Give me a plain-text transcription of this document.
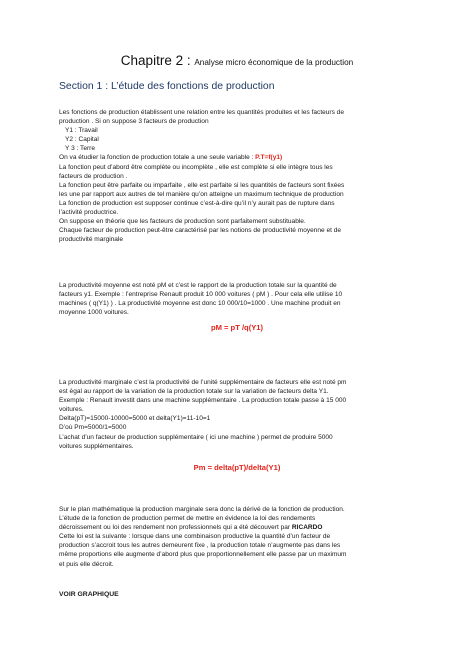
Chapitre 2 : Analyse micro économique de la production
Section 1 : L’étude des fonctions de production
Les fonctions de production établissent une relation entre les quantités produites et les facteurs de
production . Si on suppose 3 facteurs de production
Y1 : Travail
Y2 : Capital
Y 3 : Terre
On va étudier la fonction de production totale a une seule variable : P.T=f(y1)
La fonction peut d’abord être complète ou incomplète , elle est complète si elle intègre tous les
facteurs de production .
La fonction peut être parfaite ou imparfaite , elle est parfaite si les quantités de facteurs sont fixées
les une par rapport aux autres de tel manière qu’on atteigne un maximum technique de production
La fonction de production est supposer continue c’est-à-dire qu’il n’y aurait pas de rupture dans
l’activité productrice.
On suppose en théorie que les facteurs de production sont parfaitement substituable.
Chaque facteur de production peut-être caractérisé par les notions de productivité moyenne et de
productivité marginale
La productivité moyenne est noté pM et c’est le rapport de la production totale sur la quantité de
facteurs y1. Exemple : l’entreprise Renault produit 10 000 voitures ( pM ) . Pour cela elle utilise 10
machines ( q(Y1) ) . La productivité moyenne est donc 10 000/10=1000 . Une machine produit en
moyenne 1000 voitures.
pM = pT /q(Y1)
La productivité marginale c’est la productivité de l’unité supplémentaire de facteurs elle est noté pm
est égal au rapport de la variation de la production totale sur la variation de facteurs delta Y1.
Exemple : Renault investit dans une machine supplémentaire . La production totale passe à 15 000
voitures.
Delta(pT)=15000-10000=5000 et delta(Y1)=11-10=1
D’où Pm=5000/1=5000
L’achat d’un facteur de production supplémentaire ( ici une machine ) permet de produire 5000
voitures supplémentaires.
Pm = delta(pT)/delta(Y1)
Sur le plan mathématique la production marginale sera donc la dérivé de la fonction de production.
L’étude de la fonction de production permet de mettre en évidence la loi des rendements
décroissement ou loi des rendement non professionnels qui a été découvert par RICARDO
Cette loi est la suivante : lorsque dans une combinaison productive la quantité d’un facteur de
production s’accroit tous les autres demeurent fixe , la production totale n’augmente pas dans les
même proportions elle augmente d’abord plus que proportionnellement elle passe par un maximum
et puis elle décroit.
VOIR GRAPHIQUE
